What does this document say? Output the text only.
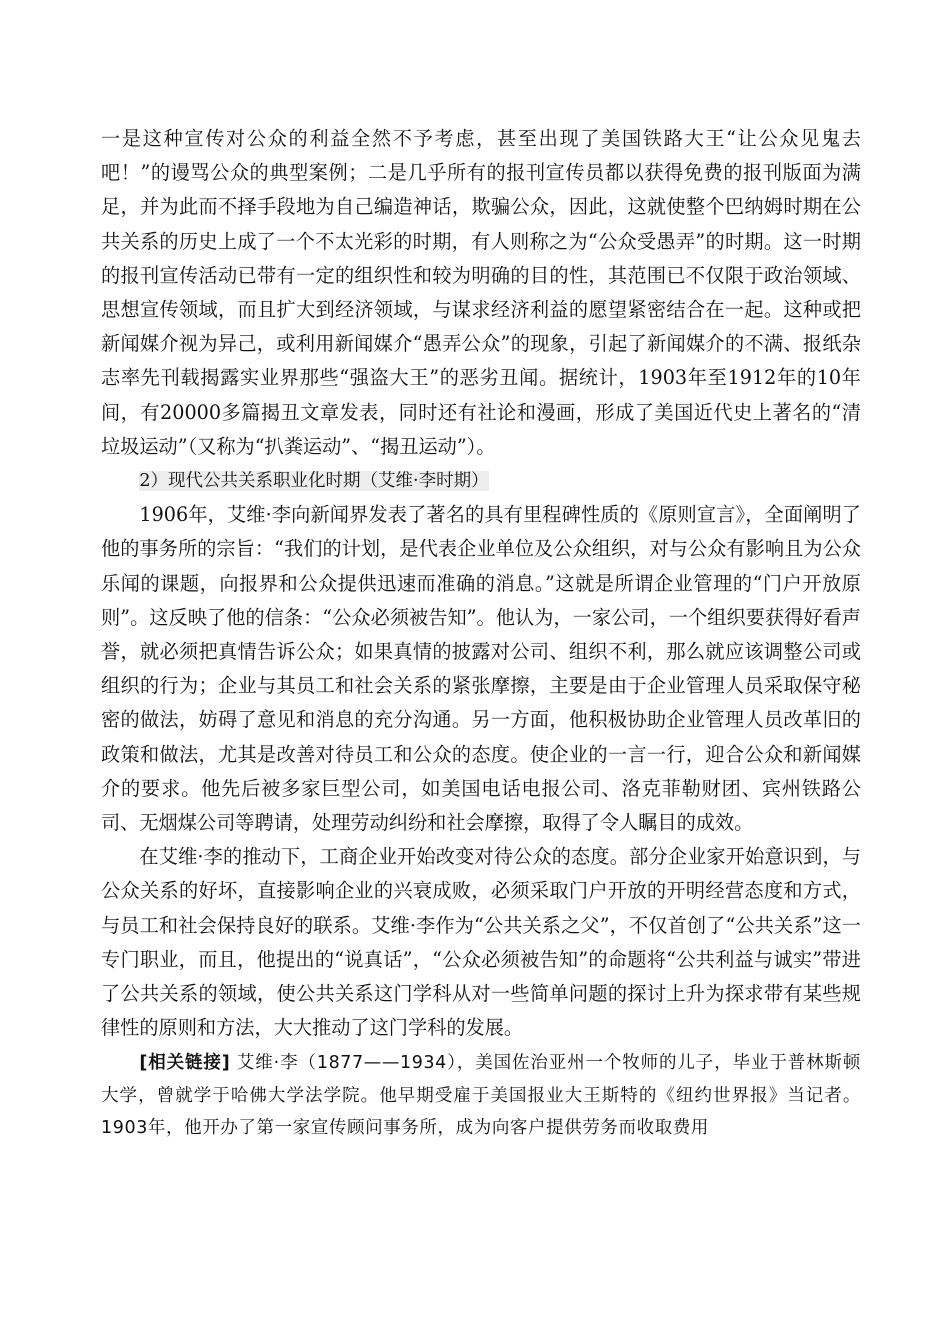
一是这种宣传对公众的利益全然不予考虑，甚至出现了美国铁路大王“让公众见鬼去吧！”的谩骂公众的典型案例；二是几乎所有的报刊宣传员都以获得免费的报刊版面为满足，并为此而不择手段地为自己编造神话，欺骗公众，因此，这就使整个巴纳姆时期在公共关系的历史上成了一个不太光彩的时期，有人则称之为“公众受愚弄”的时期。这一时期的报刊宣传活动已带有一定的组织性和较为明确的目的性，其范围已不仅限于政治领域、思想宣传领域，而且扩大到经济领域，与谋求经济利益的愿望紧密结合在一起。这种或把新闻媒介视为异己，或利用新闻媒介“愚弄公众”的现象，引起了新闻媒介的不满、报纸杂志率先刊载揭露实业界那些“强盗大王”的恶劣丑闻。据统计，1903年至1912年的10年间，有20000多篇揭丑文章发表，同时还有社论和漫画，形成了美国近代史上著名的“清垃圾运动”（又称为“扒粪运动”、“揭丑运动”）。

2）现代公共关系职业化时期（艾维·李时期）

1906年，艾维·李向新闻界发表了著名的具有里程碑性质的《原则宣言》，全面阐明了他的事务所的宗旨：“我们的计划，是代表企业单位及公众组织，对与公众有影响且为公众乐闻的课题，向报界和公众提供迅速而准确的消息。”这就是所谓企业管理的“门户开放原则”。这反映了他的信条：“公众必须被告知”。他认为，一家公司，一个组织要获得好看声誉，就必须把真情告诉公众；如果真情的披露对公司、组织不利，那么就应该调整公司或组织的行为；企业与其员工和社会关系的紧张摩擦，主要是由于企业管理人员采取保守秘密的做法，妨碍了意见和消息的充分沟通。另一方面，他积极协助企业管理人员改革旧的政策和做法，尤其是改善对待员工和公众的态度。使企业的一言一行，迎合公众和新闻媒介的要求。他先后被多家巨型公司，如美国电话电报公司、洛克菲勒财团、宾州铁路公司、无烟煤公司等聘请，处理劳动纠纷和社会摩擦，取得了令人瞩目的成效。

在艾维·李的推动下，工商企业开始改变对待公众的态度。部分企业家开始意识到，与公众关系的好坏，直接影响企业的兴衰成败，必须采取门户开放的开明经营态度和方式，与员工和社会保持良好的联系。艾维·李作为“公共关系之父”，不仅首创了“公共关系”这一专门职业，而且，他提出的“说真话”，“公众必须被告知”的命题将“公共利益与诚实”带进了公共关系的领域，使公共关系这门学科从对一些简单问题的探讨上升为探求带有某些规律性的原则和方法，大大推动了这门学科的发展。

[相关链接] 艾维·李（1877——1934），美国佐治亚州一个牧师的儿子，毕业于普林斯顿大学，曾就学于哈佛大学法学院。他早期受雇于美国报业大王斯特的《纽约世界报》当记者。1903年，他开办了第一家宣传顾问事务所，成为向客户提供劳务而收取费用
